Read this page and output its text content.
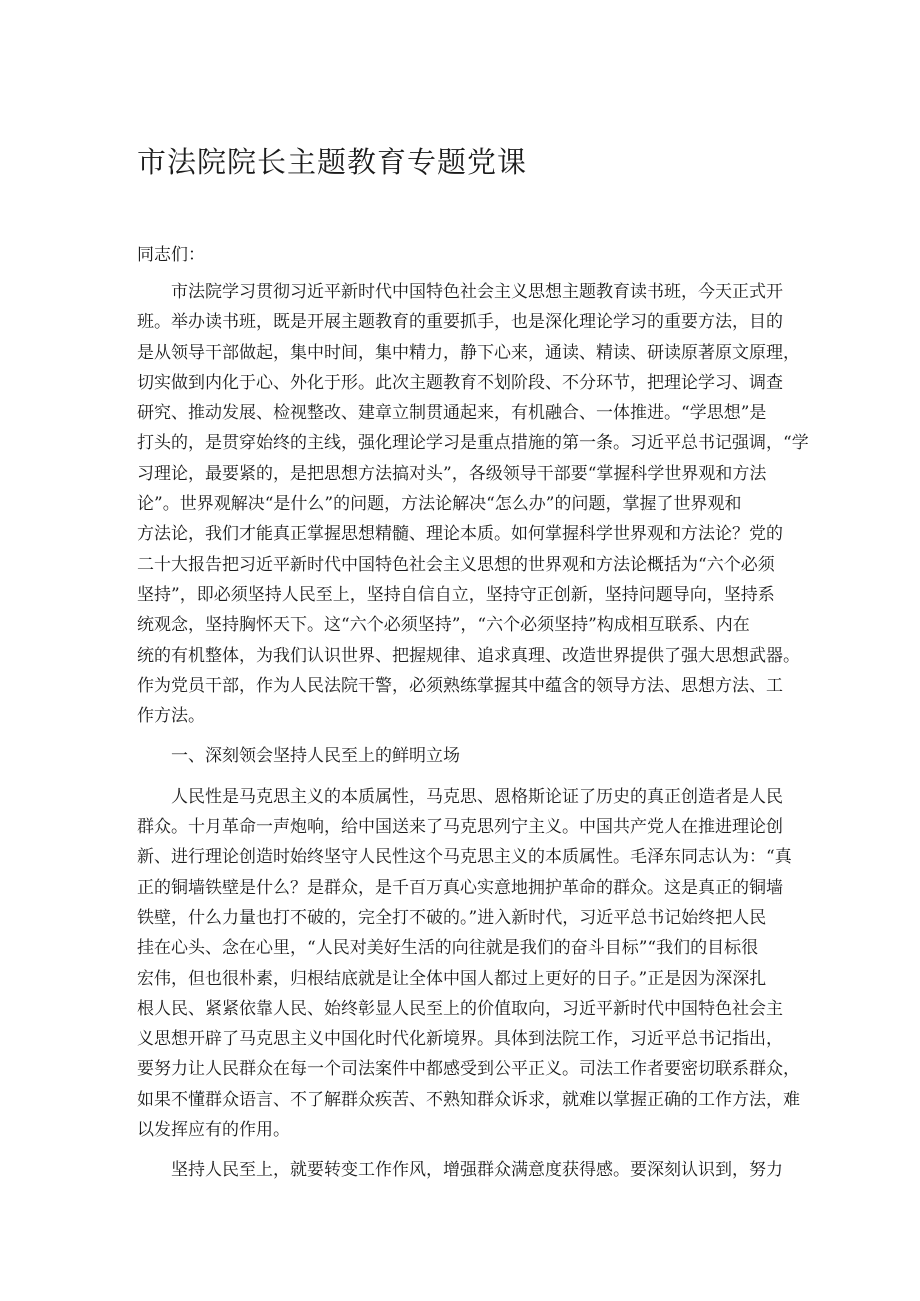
市法院院长主题教育专题党课

同志们：

市法院学习贯彻习近平新时代中国特色社会主义思想主题教育读书班，今天正式开
班。举办读书班，既是开展主题教育的重要抓手，也是深化理论学习的重要方法，目的
是从领导干部做起，集中时间，集中精力，静下心来，通读、精读、研读原著原文原理，
切实做到内化于心、外化于形。此次主题教育不划阶段、不分环节，把理论学习、调查
研究、推动发展、检视整改、建章立制贯通起来，有机融合、一体推进。“学思想”是
打头的，是贯穿始终的主线，强化理论学习是重点措施的第一条。习近平总书记强调，“学
习理论，最要紧的，是把思想方法搞对头”，各级领导干部要“掌握科学世界观和方法
论”。世界观解决“是什么”的问题，方法论解决“怎么办”的问题，掌握了世界观和
方法论，我们才能真正掌握思想精髓、理论本质。如何掌握科学世界观和方法论？党的
二十大报告把习近平新时代中国特色社会主义思想的世界观和方法论概括为“六个必须
坚持”，即必须坚持人民至上，坚持自信自立，坚持守正创新，坚持问题导向，坚持系
统观念，坚持胸怀天下。这“六个必须坚持”，“六个必须坚持”构成相互联系、内在
统的有机整体，为我们认识世界、把握规律、追求真理、改造世界提供了强大思想武器。
作为党员干部，作为人民法院干警，必须熟练掌握其中蕴含的领导方法、思想方法、工
作方法。

一、深刻领会坚持人民至上的鲜明立场

人民性是马克思主义的本质属性，马克思、恩格斯论证了历史的真正创造者是人民
群众。十月革命一声炮响，给中国送来了马克思列宁主义。中国共产党人在推进理论创
新、进行理论创造时始终坚守人民性这个马克思主义的本质属性。毛泽东同志认为：“真
正的铜墙铁壁是什么？是群众，是千百万真心实意地拥护革命的群众。这是真正的铜墙
铁壁，什么力量也打不破的，完全打不破的。”进入新时代，习近平总书记始终把人民
挂在心头、念在心里，“人民对美好生活的向往就是我们的奋斗目标”“我们的目标很
宏伟，但也很朴素，归根结底就是让全体中国人都过上更好的日子。”正是因为深深扎
根人民、紧紧依靠人民、始终彰显人民至上的价值取向，习近平新时代中国特色社会主
义思想开辟了马克思主义中国化时代化新境界。具体到法院工作，习近平总书记指出，
要努力让人民群众在每一个司法案件中都感受到公平正义。司法工作者要密切联系群众，
如果不懂群众语言、不了解群众疾苦、不熟知群众诉求，就难以掌握正确的工作方法，难
以发挥应有的作用。

坚持人民至上，就要转变工作作风，增强群众满意度获得感。要深刻认识到，努力
